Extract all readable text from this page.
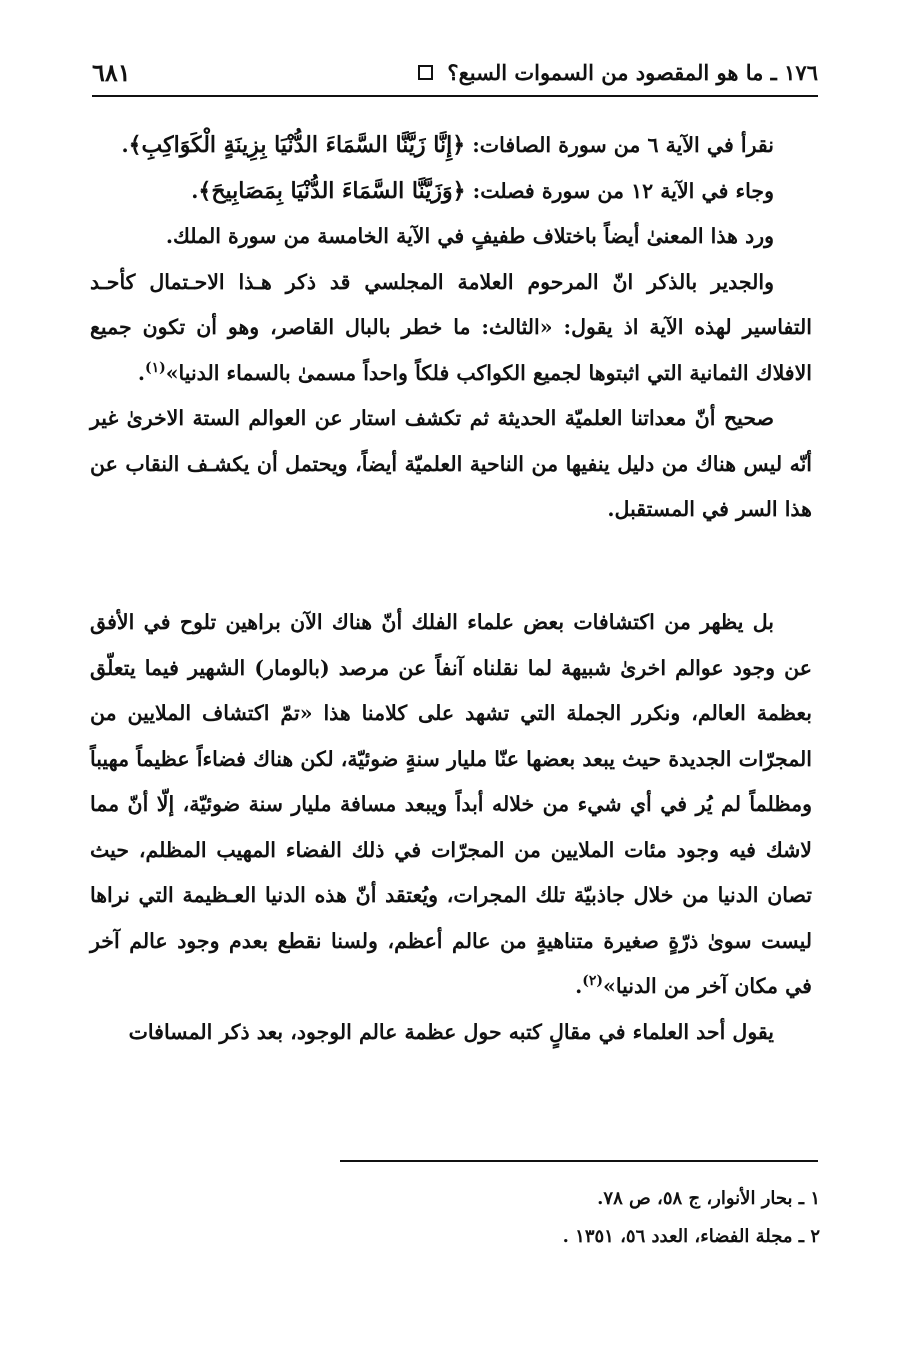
١٧٦ ـ ما هو المقصود من السموات السبع؟
٦٨١

نقرأ في الآية ٦ من سورة الصافات: ﴿إِنَّا زَيَّنَّا السَّمَاءَ الدُّنْيَا بِزِينَةٍ الْكَوَاكِبِ﴾.

وجاء في الآية ١٢ من سورة فصلت: ﴿وَزَيَّنَّا السَّمَاءَ الدُّنْيَا بِمَصَابِيحَ﴾.

ورد هذا المعنىٰ أيضاً باختلاف طفيفٍ في الآية الخامسة من سورة الملك.

والجدير بالذكر انّ المرحوم العلامة المجلسي قد ذكر هـذا الاحـتمال كأحـد التفاسير لهذه الآية اذ يقول: «الثالث: ما خطر بالبال القاصر، وهو أن تكون جميع الافلاك الثمانية التي اثبتوها لجميع الكواكب فلكاً واحداً مسمىٰ بالسماء الدنيا»$^{(١)}$.

صحيح أنّ معداتنا العلميّة الحديثة ثم تكشف استار عن العوالم الستة الاخرىٰ غير أنّه ليس هناك من دليل ينفيها من الناحية العلميّة أيضاً، ويحتمل أن يكشـف النقاب عن هذا السر في المستقبل.

بل يظهر من اكتشافات بعض علماء الفلك أنّ هناك الآن براهين تلوح في الأفق عن وجود عوالم اخرىٰ شبيهة لما نقلناه آنفاً عن مرصد (بالومار) الشهير فيما يتعلّق بعظمة العالم، ونكرر الجملة التي تشهد على كلامنا هذا «تمّ اكتشاف الملايين من المجرّات الجديدة حيث يبعد بعضها عنّا مليار سنةٍ ضوئيّة، لكن هناك فضاءاً عظيماً مهيباً ومظلماً لم يُر في أي شيء من خلاله أبداً ويبعد مسافة مليار سنة ضوئيّة، إلّا أنّ مما لاشك فيه وجود مئات الملايين من المجرّات في ذلك الفضاء المهيب المظلم، حيث تصان الدنيا من خلال جاذبيّة تلك المجرات، ويُعتقد أنّ هذه الدنيا العـظيمة التي نراها ليست سوىٰ ذرّةٍ صغيرة متناهيةٍ من عالم أعظم، ولسنا نقطع بعدم وجود عالم آخر في مكان آخر من الدنيا»$^{(٢)}$.

يقول أحد العلماء في مقالٍ كتبه حول عظمة عالم الوجود، بعد ذكر المسافات

١ ـ بحار الأنوار، ج ٥٨، ص ٧٨.

٢ ـ مجلة الفضاء، العدد ٥٦، ١٣٥١ .
